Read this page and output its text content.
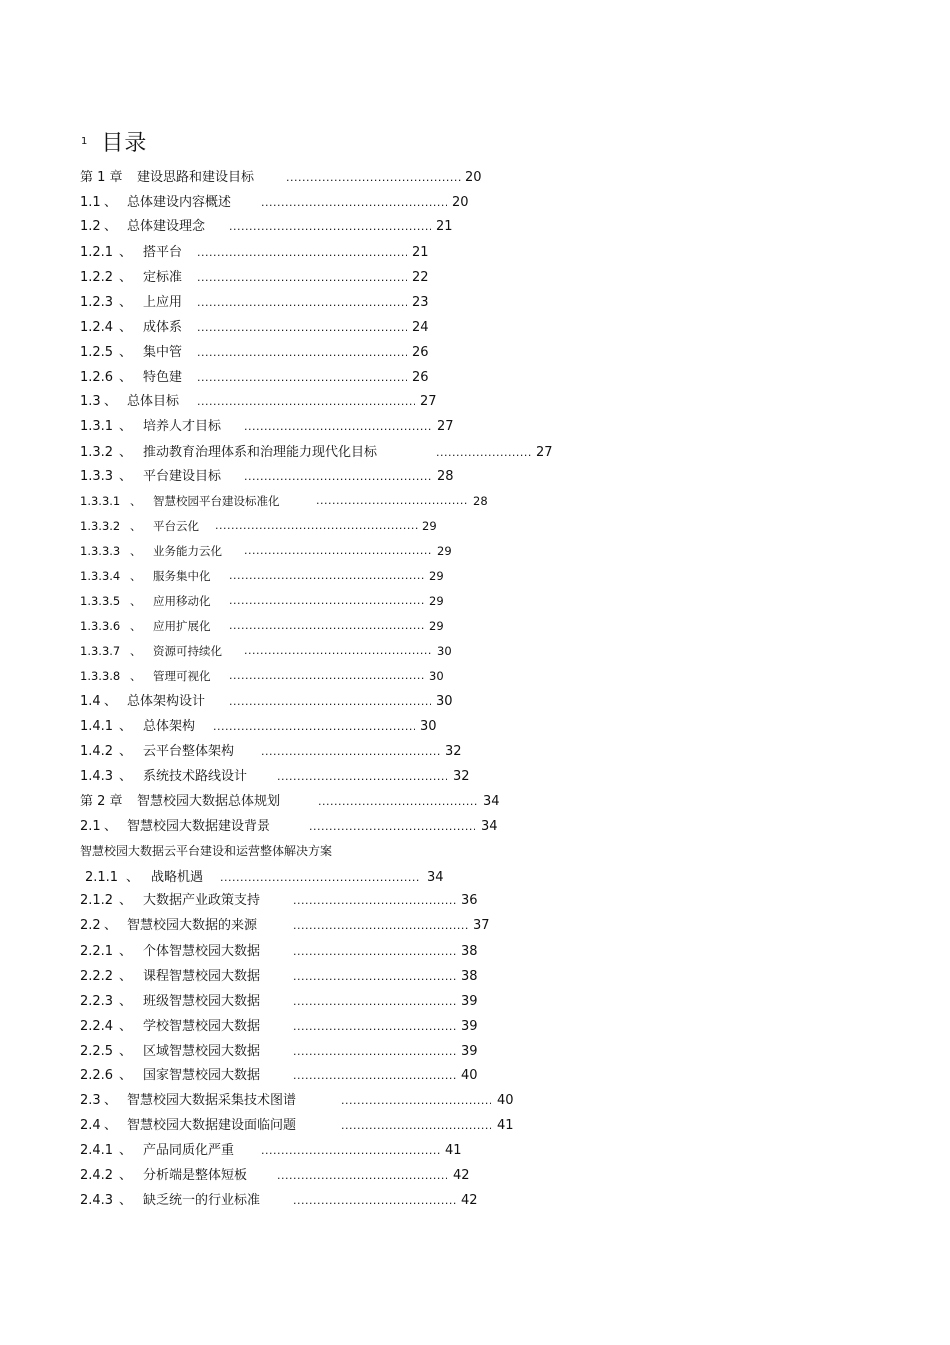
1 目录
第 1 章 建设思路和建设目标 .....	20
1.1 、 总体建设内容概述 .....	20
1.2 、 总体建设理念 .....	21
1.2.1 、 搭平台 .....	21
1.2.2 、 定标准 .....	22
1.2.3 、 上应用 .....	23
1.2.4 、 成体系 .....	24
1.2.5 、 集中管 .....	26
1.2.6 、 特色建 .....	26
1.3 、 总体目标 .....	27
1.3.1 、 培养人才目标 .....	27
1.3.2 、 推动教育治理体系和治理能力现代化目标 .....	27
1.3.3 、 平台建设目标 .....	28
1.3.3.1 、 智慧校园平台建设标准化 .....	28
1.3.3.2 、 平台云化 .....	29
1.3.3.3 、 业务能力云化 .....	29
1.3.3.4 、 服务集中化 .....	29
1.3.3.5 、 应用移动化 .....	29
1.3.3.6 、 应用扩展化 .....	29
1.3.3.7 、 资源可持续化 .....	30
1.3.3.8 、 管理可视化 .....	30
1.4 、 总体架构设计 .....	30
1.4.1 、 总体架构 .....	30
1.4.2 、 云平台整体架构 .....	32
1.4.3 、 系统技术路线设计 .....	32
第 2 章 智慧校园大数据总体规划 .....	34
2.1 、 智慧校园大数据建设背景 .....	34
2.1.1 、 战略机遇 .....	34
2.1.2 、 大数据产业政策支持 .....	36
2.2 、 智慧校园大数据的来源 .....	37
2.2.1 、 个体智慧校园大数据 .....	38
2.2.2 、 课程智慧校园大数据 .....	38
2.2.3 、 班级智慧校园大数据 .....	39
2.2.4 、 学校智慧校园大数据 .....	39
2.2.5 、 区域智慧校园大数据 .....	39
2.2.6 、 国家智慧校园大数据 .....	40
2.3 、 智慧校园大数据采集技术图谱 .....	40
2.4 、 智慧校园大数据建设面临问题 .....	41
2.4.1 、 产品同质化严重 .....	41
2.4.2 、 分析端是整体短板 .....	42
2.4.3 、 缺乏统一的行业标准 .....	42
智慧校园大数据云平台建设和运营整体解决方案
